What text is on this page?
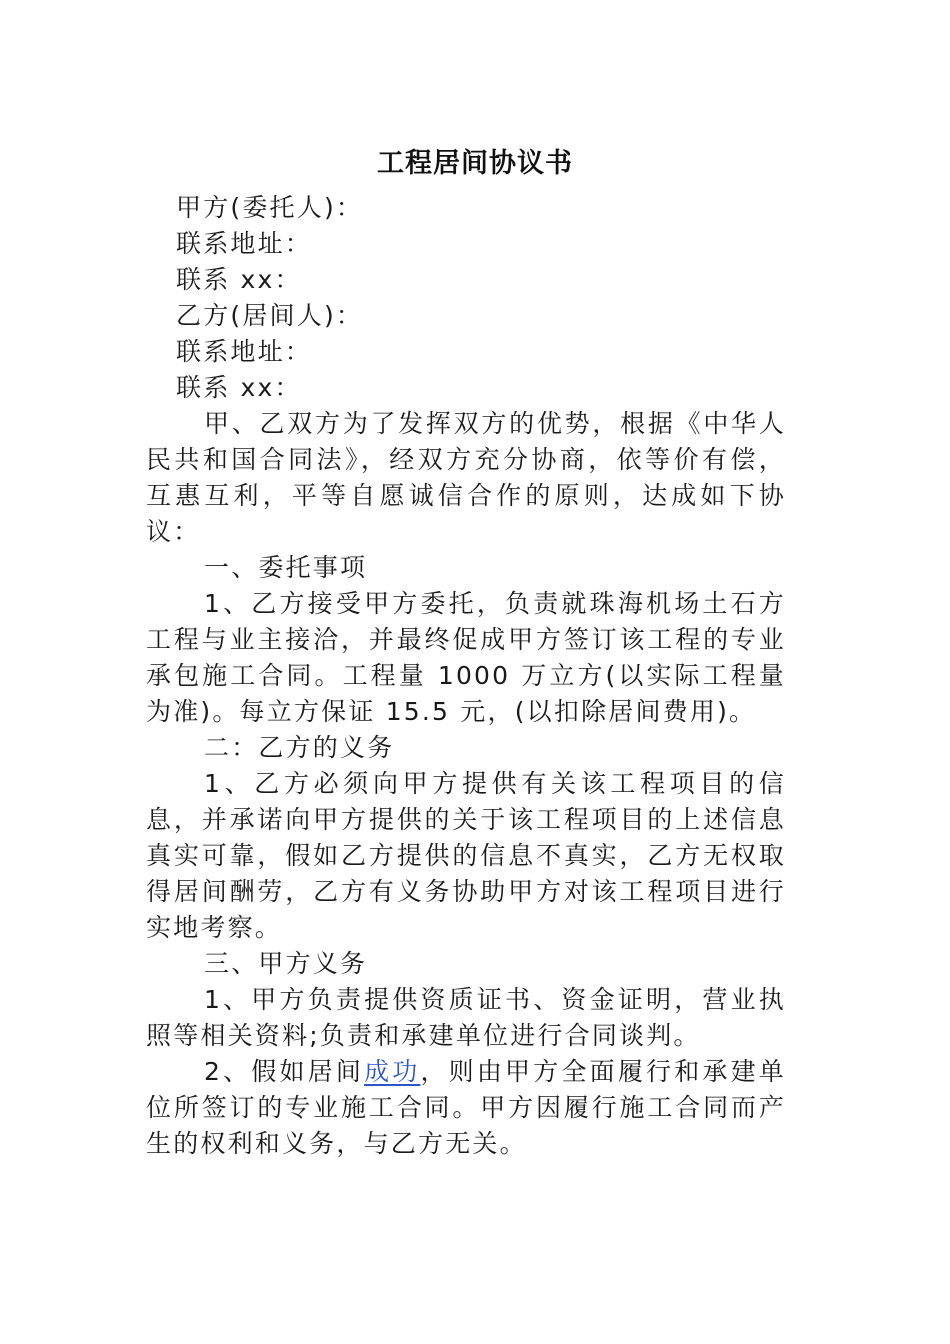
工程居间协议书

甲方(委托人)：

联系地址：

联系 xx：

乙方(居间人)：

联系地址：

联系 xx：

甲、乙双方为了发挥双方的优势，根据《中华人民共和国合同法》，经双方充分协商，依等价有偿，互惠互利，平等自愿诚信合作的原则，达成如下协议：

一、委托事项

1、乙方接受甲方委托，负责就珠海机场土石方工程与业主接洽，并最终促成甲方签订该工程的专业承包施工合同。工程量 1000 万立方(以实际工程量为准)。每立方保证 15.5 元，(以扣除居间费用)。

二：乙方的义务

1、乙方必须向甲方提供有关该工程项目的信息，并承诺向甲方提供的关于该工程项目的上述信息真实可靠，假如乙方提供的信息不真实，乙方无权取得居间酬劳，乙方有义务协助甲方对该工程项目进行实地考察。

三、甲方义务

1、甲方负责提供资质证书、资金证明，营业执照等相关资料;负责和承建单位进行合同谈判。

2、假如居间成功，则由甲方全面履行和承建单位所签订的专业施工合同。甲方因履行施工合同而产生的权利和义务，与乙方无关。
